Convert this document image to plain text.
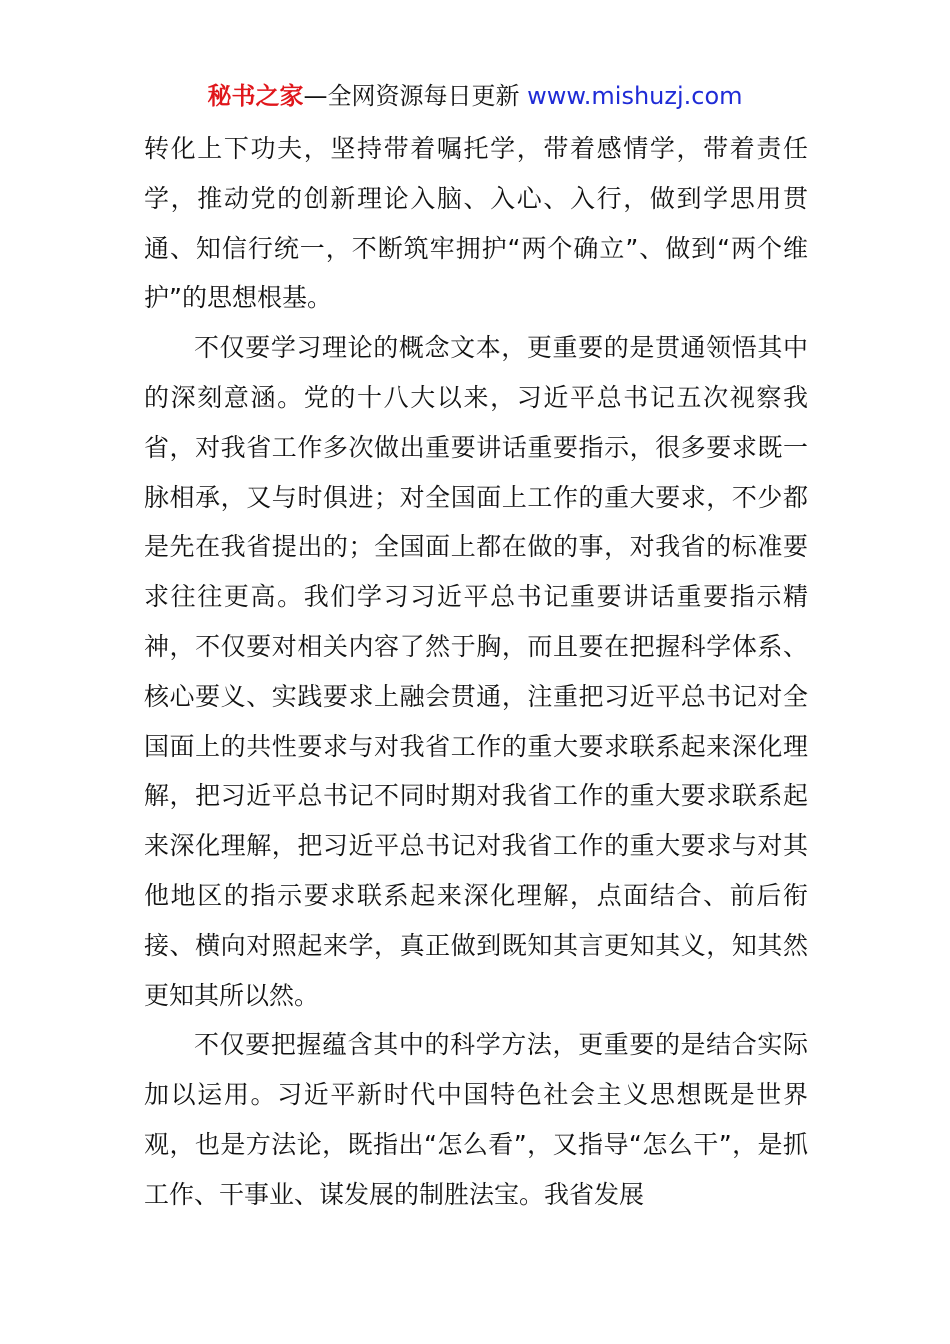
秘书之家—全网资源每日更新 www.mishuzj.com

转化上下功夫，坚持带着嘱托学，带着感情学，带着责任学，推动党的创新理论入脑、入心、入行，做到学思用贯通、知信行统一，不断筑牢拥护“两个确立”、做到“两个维护”的思想根基。

不仅要学习理论的概念文本，更重要的是贯通领悟其中的深刻意涵。党的十八大以来，习近平总书记五次视察我省，对我省工作多次做出重要讲话重要指示，很多要求既一脉相承，又与时俱进；对全国面上工作的重大要求，不少都是先在我省提出的；全国面上都在做的事，对我省的标准要求往往更高。我们学习习近平总书记重要讲话重要指示精神，不仅要对相关内容了然于胸，而且要在把握科学体系、核心要义、实践要求上融会贯通，注重把习近平总书记对全国面上的共性要求与对我省工作的重大要求联系起来深化理解，把习近平总书记不同时期对我省工作的重大要求联系起来深化理解，把习近平总书记对我省工作的重大要求与对其他地区的指示要求联系起来深化理解，点面结合、前后衔接、横向对照起来学，真正做到既知其言更知其义，知其然更知其所以然。

不仅要把握蕴含其中的科学方法，更重要的是结合实际加以运用。习近平新时代中国特色社会主义思想既是世界观，也是方法论，既指出“怎么看”，又指导“怎么干”，是抓工作、干事业、谋发展的制胜法宝。我省发展
